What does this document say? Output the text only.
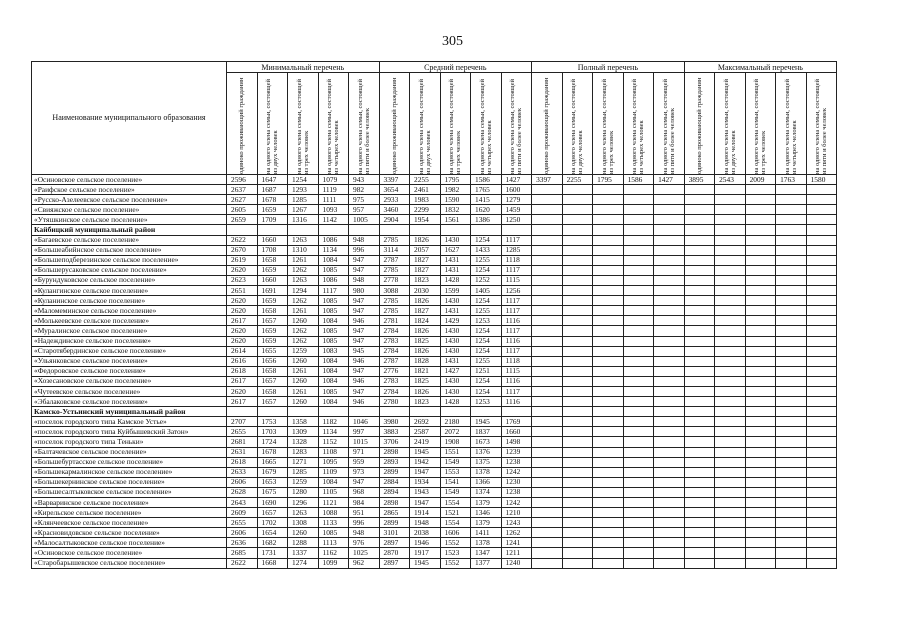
305
Наименование муниципального образования	Минимальный перечень					Средний перечень					Полный перечень					Максимальный перечень				

	одиноко проживающий гражданин	на одного члена семьи, состоящей из двух человек	на одного члена семьи, состоящей из трех человек	на одного члена семьи, состоящей из четырех человек	на одного члена семьи, состоящей из пяти и более человек	одиноко проживающий гражданин	на одного члена семьи, состоящей из двух человек	на одного члена семьи, состоящей из трех человек	на одного члена семьи, состоящей из четырех человек	на одного члена семьи, состоящей из пяти и более человек	одиноко проживающий гражданин	на одного члена семьи, состоящей из двух человек	на одного члена семьи, состоящей из трех человек	на одного члена семьи, состоящей из четырех человек	на одного члена семьи, состоящей из пяти и более человек	одиноко проживающий гражданин	на одного члена семьи, состоящей из двух человек	на одного члена семьи, состоящей из трех человек	на одного члена семьи, состоящей из четырех человек	на одного члена семьи, состоящей из пяти и более человек

«Осиновское сельское поселение»	2596	1647	1254	1079	943	3397	2255	1795	1586	1427	3397	2255	1795	1586	1427	3895	2543	2009	1763	1580
«Раифское сельское поселение»	2637	1687	1293	1119	982	3654	2461	1982	1765	1600										
«Русско-Азелеевское сельское поселение»	2627	1678	1285	1111	975	2933	1983	1590	1415	1279										
«Свияжское сельское поселение»	2605	1659	1267	1093	957	3460	2299	1832	1620	1459										
«Утяшкинское сельское поселение»	2659	1709	1316	1142	1005	2904	1954	1561	1386	1250										
Кайбицкий муниципальный район																				
«Багаевское сельское поселение»	2622	1660	1263	1086	948	2785	1826	1430	1254	1117										
«Большеабийнское сельское поселение»	2670	1708	1310	1134	996	3114	2057	1627	1433	1285										
«Большеподберезинское сельское поселение»	2619	1658	1261	1084	947	2787	1827	1431	1255	1118										
«Большерусаковское сельское поселение»	2620	1659	1262	1085	947	2785	1827	1431	1254	1117										
«Бурундуковское сельское поселение»	2623	1660	1263	1086	948	2778	1823	1428	1252	1115										
«Кулангинское сельское поселение»	2651	1691	1294	1117	980	3088	2030	1599	1405	1256										
«Куланинское сельское поселение»	2620	1659	1262	1085	947	2785	1826	1430	1254	1117										
«Маломеминское сельское поселение»	2620	1658	1261	1085	947	2785	1827	1431	1255	1117										
«Молькеевское сельское поселение»	2617	1657	1260	1084	946	2781	1824	1429	1253	1116										
«Муралинское сельское поселение»	2620	1659	1262	1085	947	2784	1826	1430	1254	1117										
«Надеждинское сельское поселение»	2620	1659	1262	1085	947	2783	1825	1430	1254	1116										
«Старотябердинское сельское поселение»	2614	1655	1259	1083	945	2784	1826	1430	1254	1117										
«Ульянковское сельское поселение»	2616	1656	1260	1084	946	2787	1828	1431	1255	1118										
«Федоровское сельское поселение»	2618	1658	1261	1084	947	2776	1821	1427	1251	1115										
«Хозесановское сельское поселение»	2617	1657	1260	1084	946	2783	1825	1430	1254	1116										
«Чутеевское сельское поселение»	2620	1658	1261	1085	947	2784	1826	1430	1254	1117										
«Эбалаковское сельское поселение»	2617	1657	1260	1084	946	2780	1823	1428	1253	1116										
Камско-Устьинский муниципальный район																				
«поселок городского типа Камское Устье»	2707	1753	1358	1182	1046	3980	2692	2180	1945	1769										
«поселок городского типа Куйбышевский Затон»	2655	1703	1309	1134	997	3883	2587	2072	1837	1660										
«поселок городского типа Теньки»	2681	1724	1328	1152	1015	3706	2419	1908	1673	1498										
«Балтачевское сельское поселение»	2631	1678	1283	1108	971	2898	1945	1551	1376	1239										
«Большебуртасское сельское поселение»	2618	1665	1271	1095	959	2893	1942	1549	1375	1238										
«Большекармалинское сельское поселение»	2633	1679	1285	1109	973	2899	1947	1553	1378	1242										
«Большекернинское сельское поселение»	2606	1653	1259	1084	947	2884	1934	1541	1366	1230										
«Большесалтыковское сельское поселение»	2628	1675	1280	1105	968	2894	1943	1549	1374	1238										
«Варваринское сельское поселение»	2643	1690	1296	1121	984	2898	1947	1554	1379	1242										
«Кирельское сельское поселение»	2609	1657	1263	1088	951	2865	1914	1521	1346	1210										
«Клянчеевское сельское поселение»	2655	1702	1308	1133	996	2899	1948	1554	1379	1243										
«Красновидовское сельское поселение»	2606	1654	1260	1085	948	3101	2038	1606	1411	1262										
«Малосалтыковское сельское поселение»	2636	1682	1288	1113	976	2897	1946	1552	1378	1241										
«Осиновское сельское поселение»	2685	1731	1337	1162	1025	2870	1917	1523	1347	1211										
«Старобарышевское сельское поселение»	2622	1668	1274	1099	962	2897	1945	1552	1377	1240										
